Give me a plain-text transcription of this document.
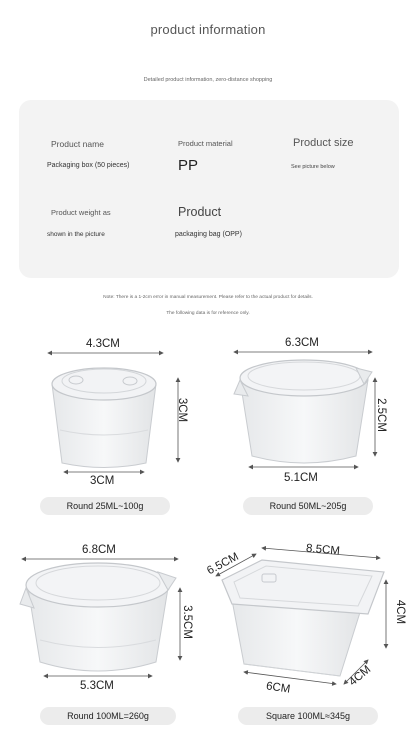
product information
Detailed product information, zero-distance shopping
Product name
Packaging box (50 pieces)
Product material
PP
Product size
See picture below
Product weight as
shown in the picture
Product
packaging bag (OPP)
Note: There is a 1-2cm error in manual measurement. Please refer to the actual product for details.
The following data is for reference only.
4.3CM
3CM
3CM
Round 25ML~100g
6.3CM
2.5CM
5.1CM
Round 50ML~205g
6.8CM
3.5CM
5.3CM
Round 100ML=260g
8.5CM
6.5CM
4CM
6CM	4CM
Square 100ML≈345g
